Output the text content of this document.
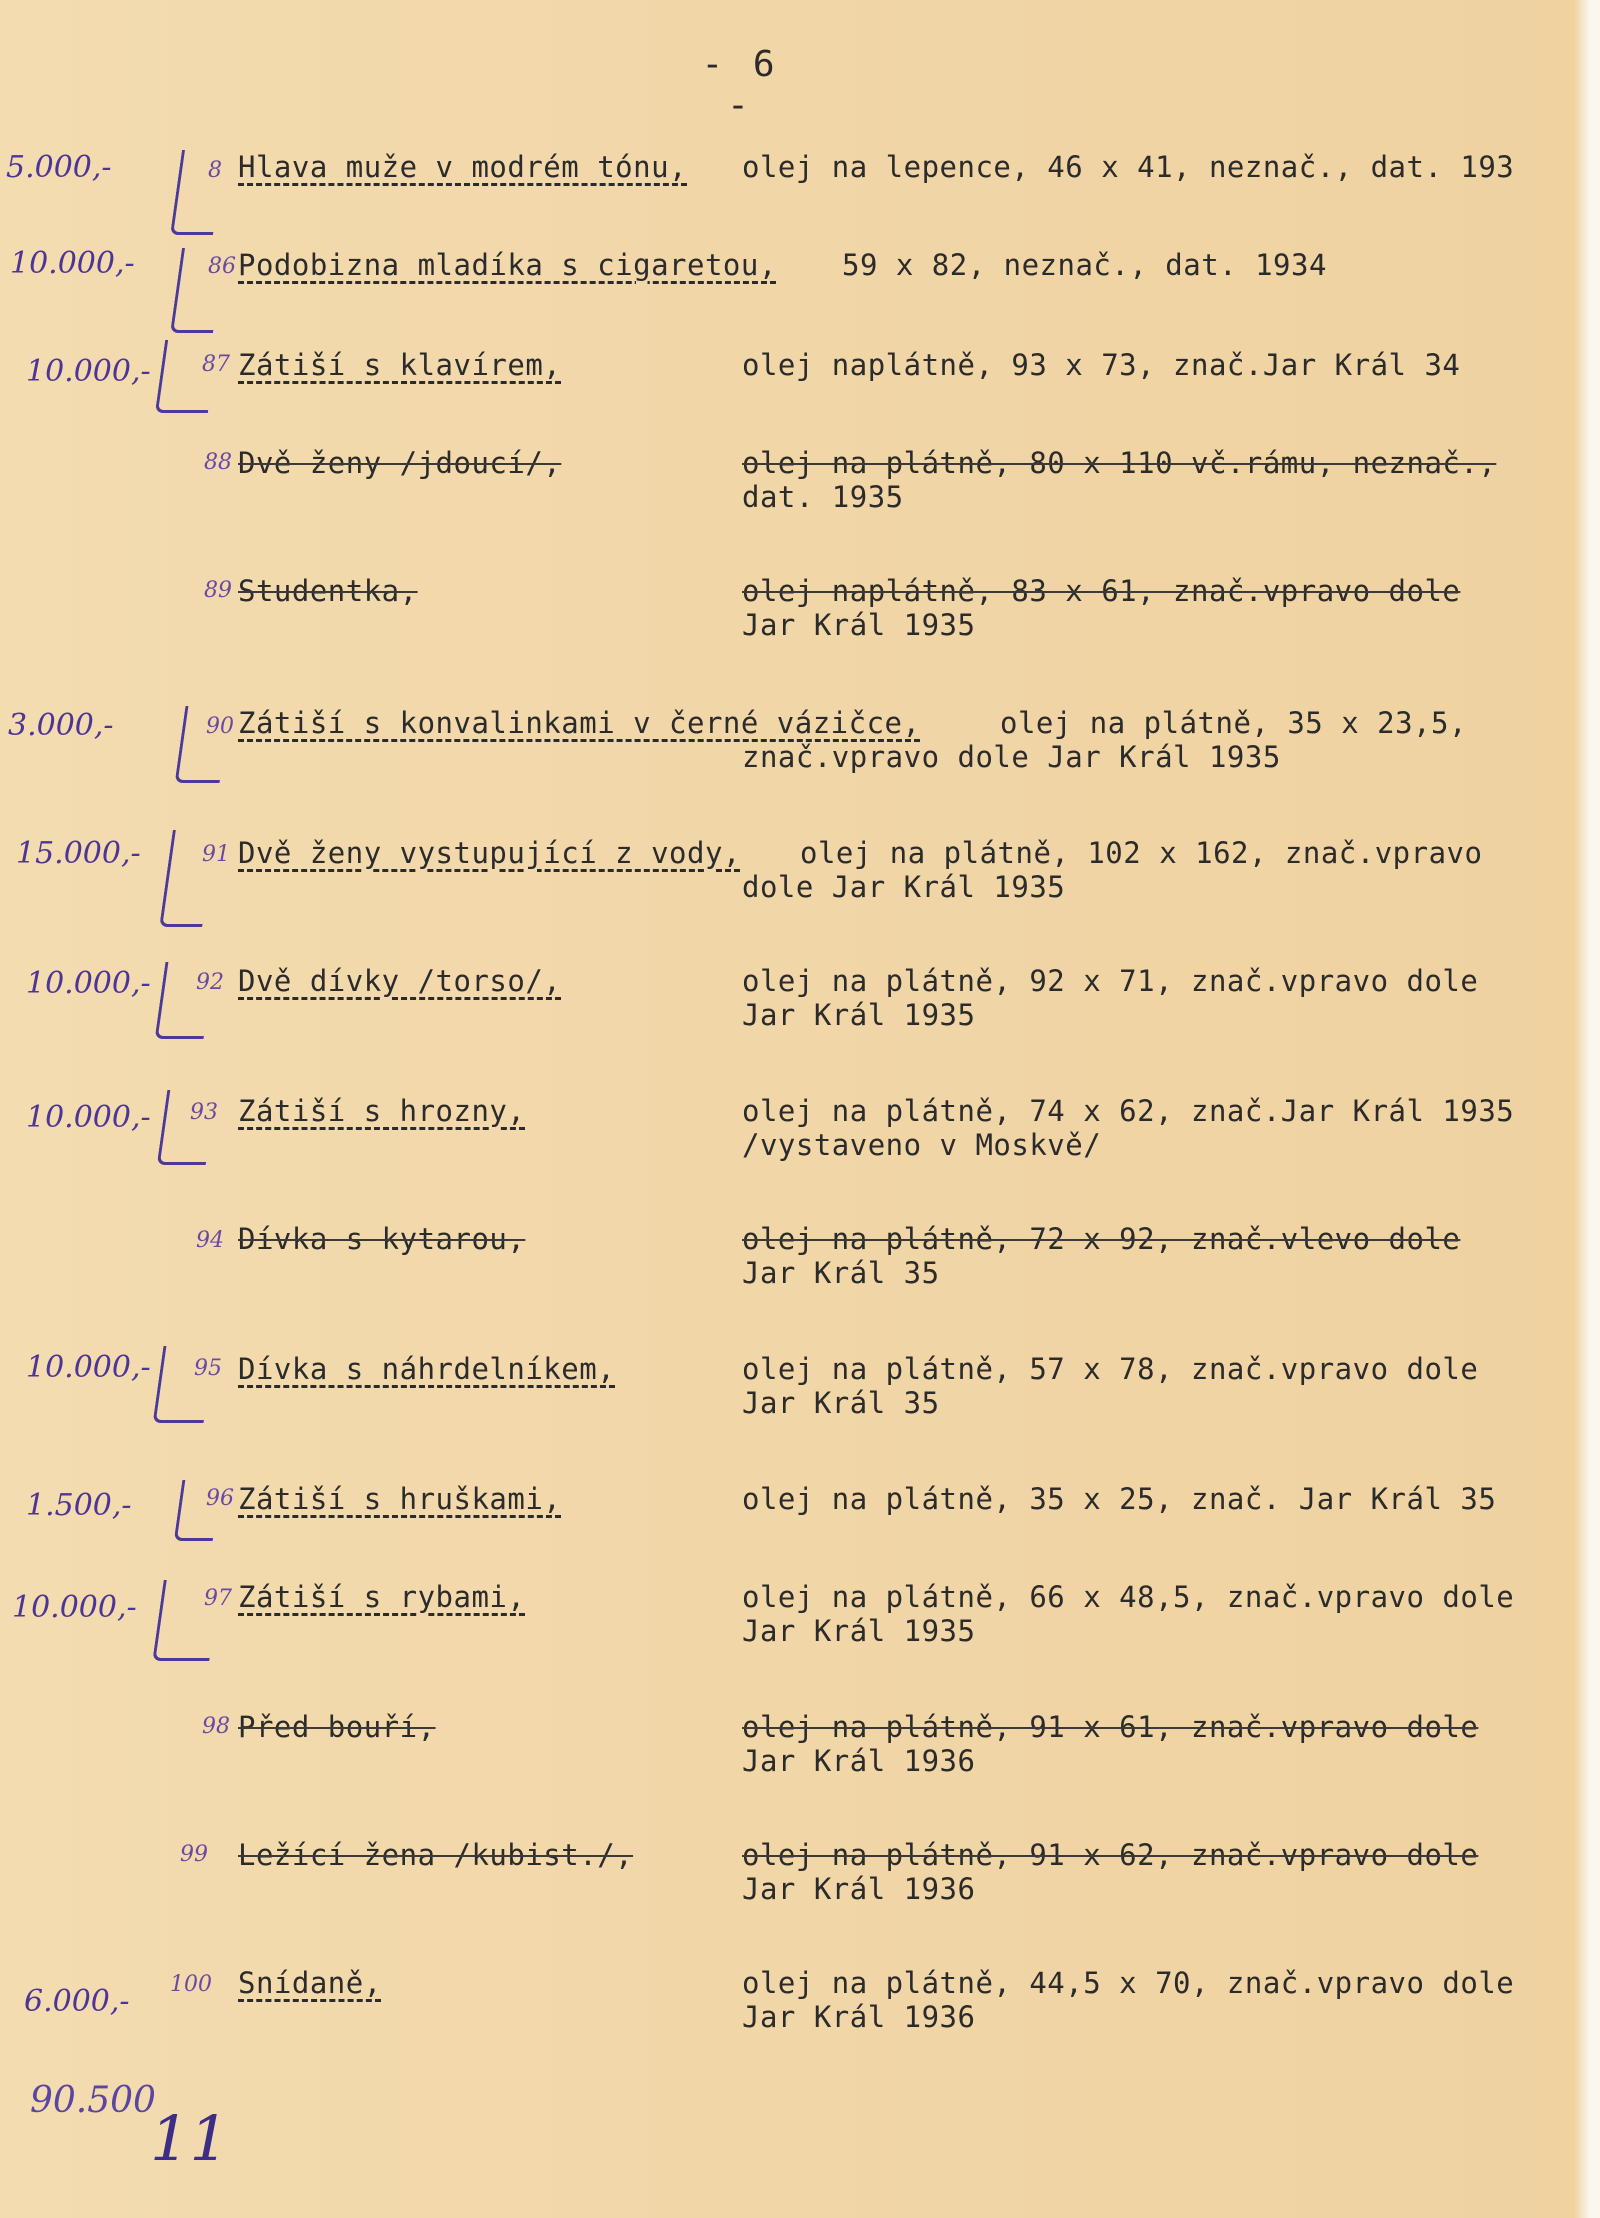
- 6 -
5.000,-	8 Hlava muže v modrém tónu, olej na lepence, 46 x 41, neznač., dat. 193
10.000,-	86 Podobizna mladíka s cigaretou, 59 x 82, neznač., dat. 1934
10.000,- 87 Zátiší s klavírem,	olej naplátně, 93 x 73, znač.Jar Král 34
88 Dvě ženy /jdoucí/,	olej na plátně, 80 x 110 vč.rámu, neznač.,
dat. 1935
89 Studentka,	olej naplátně, 83 x 61, znač.vpravo dole
Jar Král 1935
3.000,-	90 Zátiší s konvalinkami v černé vázičce,	olej na plátně, 35 x 23,5,
znač.vpravo dole Jar Král 1935
15.000,-	91 Dvě ženy vystupující z vody, olej na plátně, 102 x 162, znač.vpravo
dole Jar Král 1935
10.000,- 92 Dvě dívky /torso/,	olej na plátně, 92 x 71, znač.vpravo dole
Jar Král 1935
10.000,- 93 Zátiší s hrozny,	olej na plátně, 74 x 62, znač.Jar Král 1935
/vystaveno v Moskvě/
94 Dívka s kytarou,	olej na plátně, 72 x 92, znač.vlevo dole
Jar Král 35
10.000,- 95 Dívka s náhrdelníkem,	olej na plátně, 57 x 78, znač.vpravo dole
Jar Král 35
1.500,-	96 Zátiší s hruškami,	olej na plátně, 35 x 25, znač. Jar Král 35
10.000,-	97 Zátiší s rybami,	olej na plátně, 66 x 48,5, znač.vpravo dole
Jar Král 1935
98 Před bouří,	olej na plátně, 91 x 61, znač.vpravo dole
Jar Král 1936
99 Ležící žena /kubist./,	olej na plátně, 91 x 62, znač.vpravo dole
Jar Král 1936
6.000,- 100 Snídaně,	olej na plátně, 44,5 x 70, znač.vpravo dole
Jar Král 1936
90.500
11
